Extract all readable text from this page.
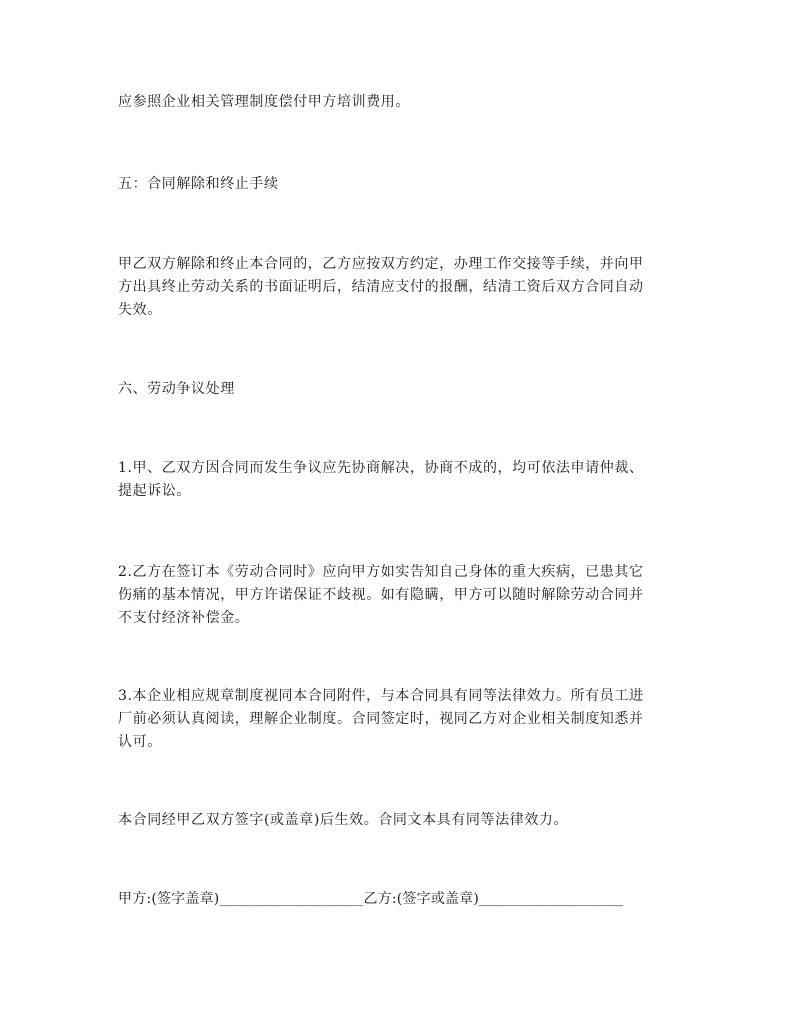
应参照企业相关管理制度偿付甲方培训费用。
五：合同解除和终止手续
甲乙双方解除和终止本合同的，乙方应按双方约定，办理工作交接等手续，并向甲
方出具终止劳动关系的书面证明后，结清应支付的报酬，结清工资后双方合同自动
失效。
六、劳动争议处理
1.甲、乙双方因合同而发生争议应先协商解决，协商不成的，均可依法申请仲裁、
提起诉讼。
2.乙方在签订本《劳动合同时》应向甲方如实告知自己身体的重大疾病，已患其它
伤痛的基本情况，甲方许诺保证不歧视。如有隐瞒，甲方可以随时解除劳动合同并
不支付经济补偿金。
3.本企业相应规章制度视同本合同附件，与本合同具有同等法律效力。所有员工进
厂前必须认真阅读，理解企业制度。合同签定时，视同乙方对企业相关制度知悉并
认可。
本合同经甲乙双方签字(或盖章)后生效。合同文本具有同等法律效力。
甲方:(签字盖章)____________________乙方:(签字或盖章)____________________
